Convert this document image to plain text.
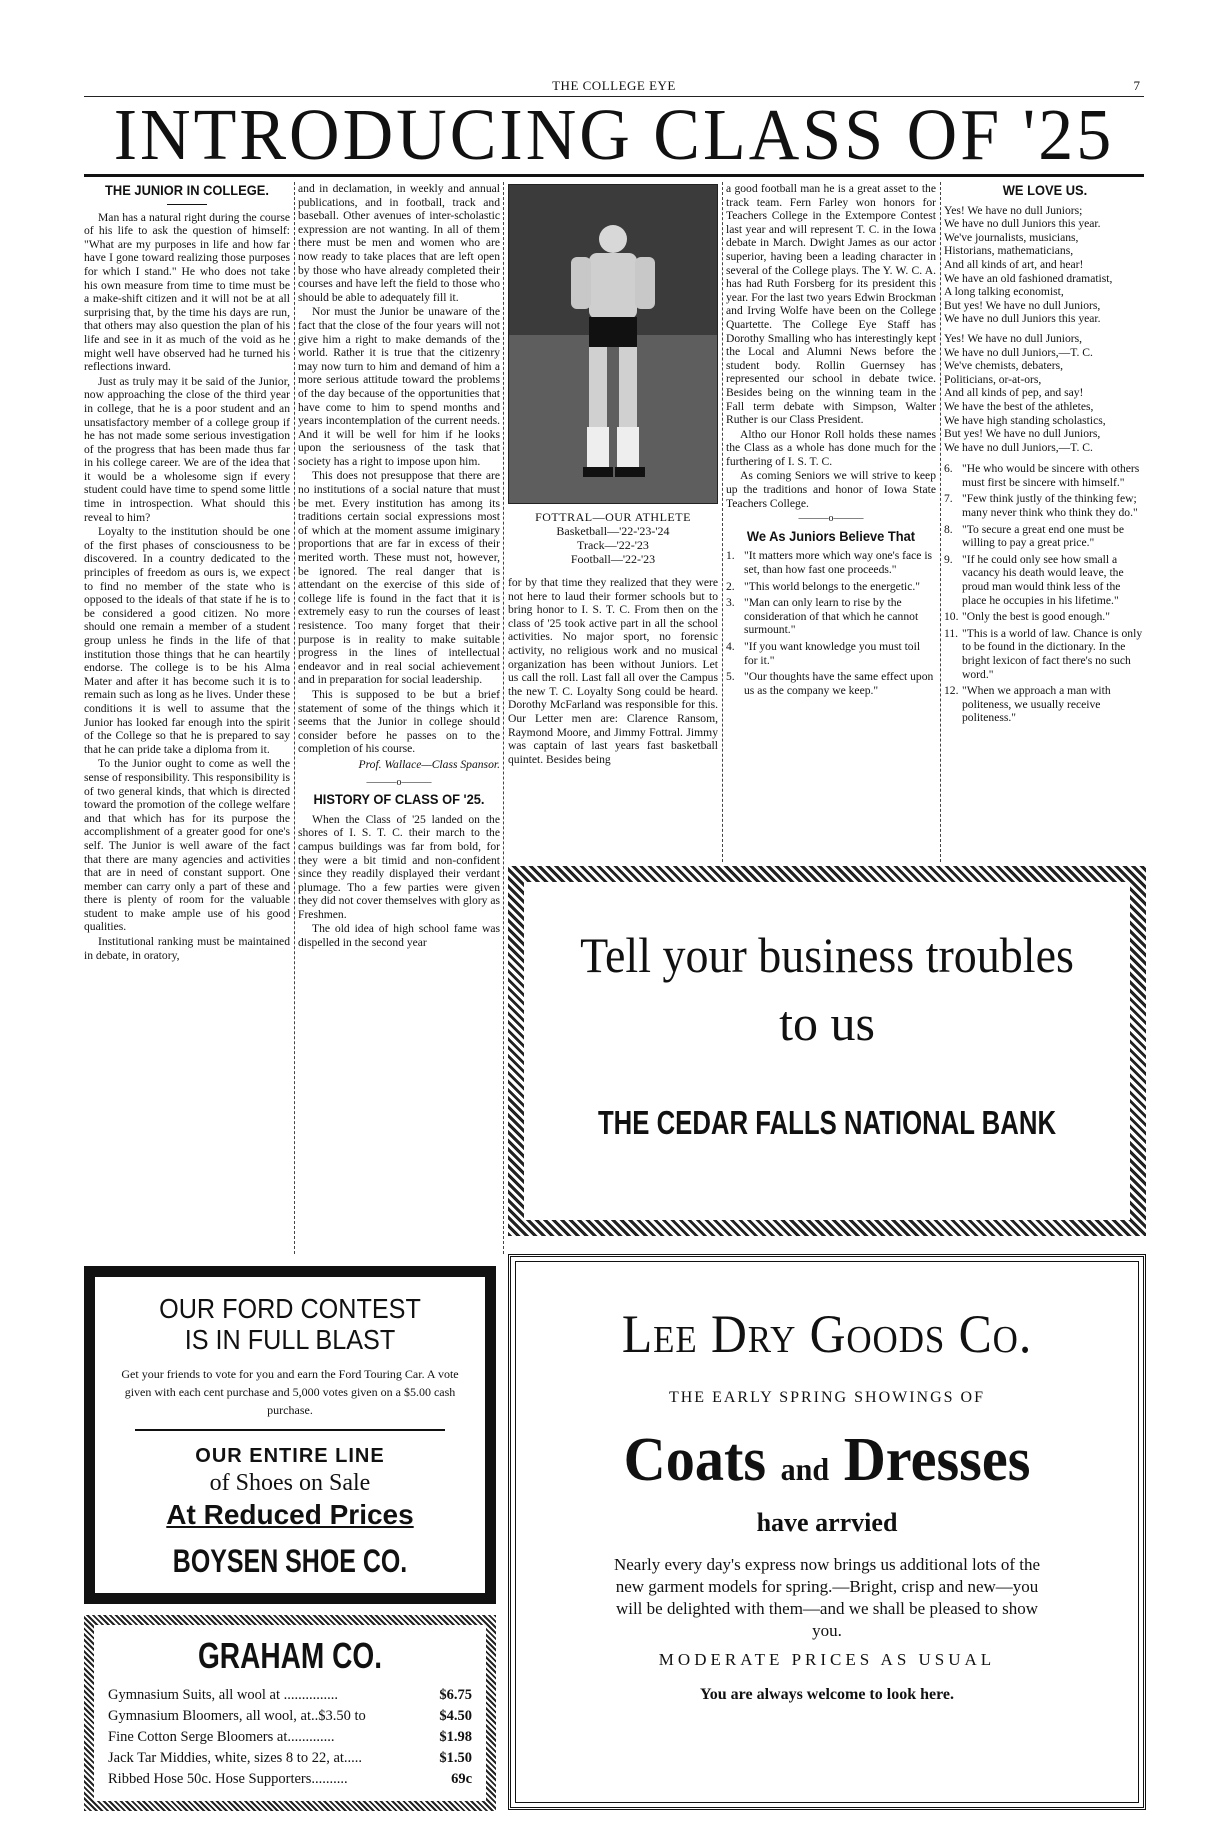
THE COLLEGE EYE	7
INTRODUCING CLASS OF '25
THE JUNIOR IN COLLEGE.

Man has a natural right during the course of his life to ask the question of himself: "What are my purposes in life and how far have I gone toward realizing those purposes for which I stand." He who does not take his own measure from time to time must be a make-shift citizen and it will not be at all surprising that, by the time his days are run, that others may also question the plan of his life and see in it as much of the void as he might well have observed had he turned his reflections inward.

Just as truly may it be said of the Junior, now approaching the close of the third year in college, that he is a poor student and an unsatisfactory member of a college group if he has not made some serious investigation of the progress that has been made thus far in his college career. We are of the idea that it would be a wholesome sign if every student could have time to spend some little time in introspection. What should this reveal to him?

Loyalty to the institution should be one of the first phases of consciousness to be discovered. In a country dedicated to the principles of freedom as ours is, we expect to find no member of the state who is opposed to the ideals of that state if he is to be considered a good citizen. No more should one remain a member of a student group unless he finds in the life of that institution those things that he can heartily endorse. The college is to be his Alma Mater and after it has become such it is to remain such as long as he lives. Under these conditions it is well to assume that the Junior has looked far enough into the spirit of the College so that he is prepared to say that he can pride take a diploma from it.

To the Junior ought to come as well the sense of responsibility. This responsibility is of two general kinds, that which is directed toward the promotion of the college welfare and that which has for its purpose the accomplishment of a greater good for one's self. The Junior is well aware of the fact that there are many agencies and activities that are in need of constant support. One member can carry only a part of these and there is plenty of room for the valuable student to make ample use of his good qualities.

Institutional ranking must be maintained in debate, in oratory,

and in declamation, in weekly and annual publications, and in football, track and baseball. Other avenues of inter-scholastic expression are not wanting. In all of them there must be men and women who are now ready to take places that are left open by those who have already completed their courses and have left the field to those who should be able to adequately fill it.

Nor must the Junior be unaware of the fact that the close of the four years will not give him a right to make demands of the world. Rather it is true that the citizenry may now turn to him and demand of him a more serious attitude toward the problems of the day because of the opportunities that have come to him to spend months and years incontemplation of the current needs. And it will be well for him if he looks upon the seriousness of the task that society has a right to impose upon him.

This does not presuppose that there are no institutions of a social nature that must be met. Every institution has among its traditions certain social expressions most of which at the moment assume imiginary proportions that are far in excess of their merited worth. These must not, however, be ignored. The real danger that is attendant on the exercise of this side of college life is found in the fact that it is extremely easy to run the courses of least resistence. Too many forget that their purpose is in reality to make suitable progress in the lines of intellectual endeavor and in real social achievement and in preparation for social leadership.

This is supposed to be but a brief statement of some of the things which it seems that the Junior in college should consider before he passes on to the completion of his course.

Prof. Wallace—Class Spansor.
———o———
HISTORY OF CLASS OF '25.

When the Class of '25 landed on the shores of I. S. T. C. their march to the campus buildings was far from bold, for they were a bit timid and non-confident since they readily displayed their verdant plumage. Tho a few parties were given they did not cover themselves with glory as Freshmen.

The old idea of high school fame was dispelled in the second year

FOTTRAL—OUR ATHLETE
Basketball—'22-'23-'24
Track—'22-'23
Football—'22-'23

for by that time they realized that they were not here to laud their former schools but to bring honor to I. S. T. C. From then on the class of '25 took active part in all the school activities. No major sport, no forensic activity, no religious work and no musical organization has been without Juniors. Let us call the roll. Last fall all over the Campus the new T. C. Loyalty Song could be heard. Dorothy McFarland was responsible for this. Our Letter men are: Clarence Ransom, Raymond Moore, and Jimmy Fottral. Jimmy was captain of last years fast basketball quintet. Besides being

a good football man he is a great asset to the track team. Fern Farley won honors for Teachers College in the Extempore Contest last year and will represent T. C. in the Iowa debate in March. Dwight James as our actor superior, having been a leading character in several of the College plays. The Y. W. C. A. has had Ruth Forsberg for its president this year. For the last two years Edwin Brockman and Irving Wolfe have been on the College Quartette. The College Eye Staff has Dorothy Smalling who has interestingly kept the Local and Alumni News before the student body. Rollin Guernsey has represented our school in debate twice. Besides being on the winning team in the Fall term debate with Simpson, Walter Ruther is our Class President.

Altho our Honor Roll holds these names the Class as a whole has done much for the furthering of I. S. T. C.

As coming Seniors we will strive to keep up the traditions and honor of Iowa State Teachers College.

———o———
We As Juniors Believe That
1. "It matters more which way one's face is set, than how fast one proceeds."
2. "This world belongs to the energetic."
3. "Man can only learn to rise by the consideration of that which he cannot surmount."
4. "If you want knowledge you must toil for it."
5. "Our thoughts have the same effect upon us as the company we keep."
WE LOVE US.
Yes! We have no dull Juniors;
We have no dull Juniors this year.
We've journalists, musicians,
Historians, mathematicians,
And all kinds of art, and hear!
We have an old fashioned dramatist,
A long talking economist,
But yes! We have no dull Juniors,
We have no dull Juniors this year.
Yes! We have no dull Juniors,
We have no dull Juniors,—T. C.
We've chemists, debaters,
Politicians, or-at-ors,
And all kinds of pep, and say!
We have the best of the athletes,
We have high standing scholastics,
But yes! We have no dull Juniors,
We have no dull Juniors,—T. C.
6. "He who would be sincere with others must first be sincere with himself."
7. "Few think justly of the thinking few; many never think who think they do."
8. "To secure a great end one must be willing to pay a great price."
9. "If he could only see how small a vacancy his death would leave, the proud man would think less of the place he occupies in his lifetime."
10. "Only the best is good enough."
11. "This is a world of law. Chance is only to be found in the dictionary. In the bright lexicon of fact there's no such word."
12. "When we approach a man with politeness, we usually receive politeness."
Tell your business troubles
to us
THE CEDAR FALLS NATIONAL BANK
OUR FORD CONTEST
IS IN FULL BLAST
Get your friends to vote for you and earn the Ford Touring Car. A vote given with each cent purchase and 5,000 votes given on a $5.00 cash purchase.
OUR ENTIRE LINE
of Shoes on Sale
At Reduced Prices
BOYSEN SHOE CO.
GRAHAM CO.
Gymnasium Suits, all wool at ...............	$6.75
Gymnasium Bloomers, all wool, at..$3.50 to	$4.50
Fine Cotton Serge Bloomers at.............	$1.98
Jack Tar Middies, white, sizes 8 to 22, at.....	$1.50
Ribbed Hose 50c. Hose Supporters..........	69c
Lee Dry Goods Co.
THE EARLY SPRING SHOWINGS OF
Coats and Dresses
have arrvied
Nearly every day's express now brings us additional lots of the new garment models for spring.—Bright, crisp and new—you will be delighted with them—and we shall be pleased to show you.
MODERATE PRICES AS USUAL
You are always welcome to look here.
